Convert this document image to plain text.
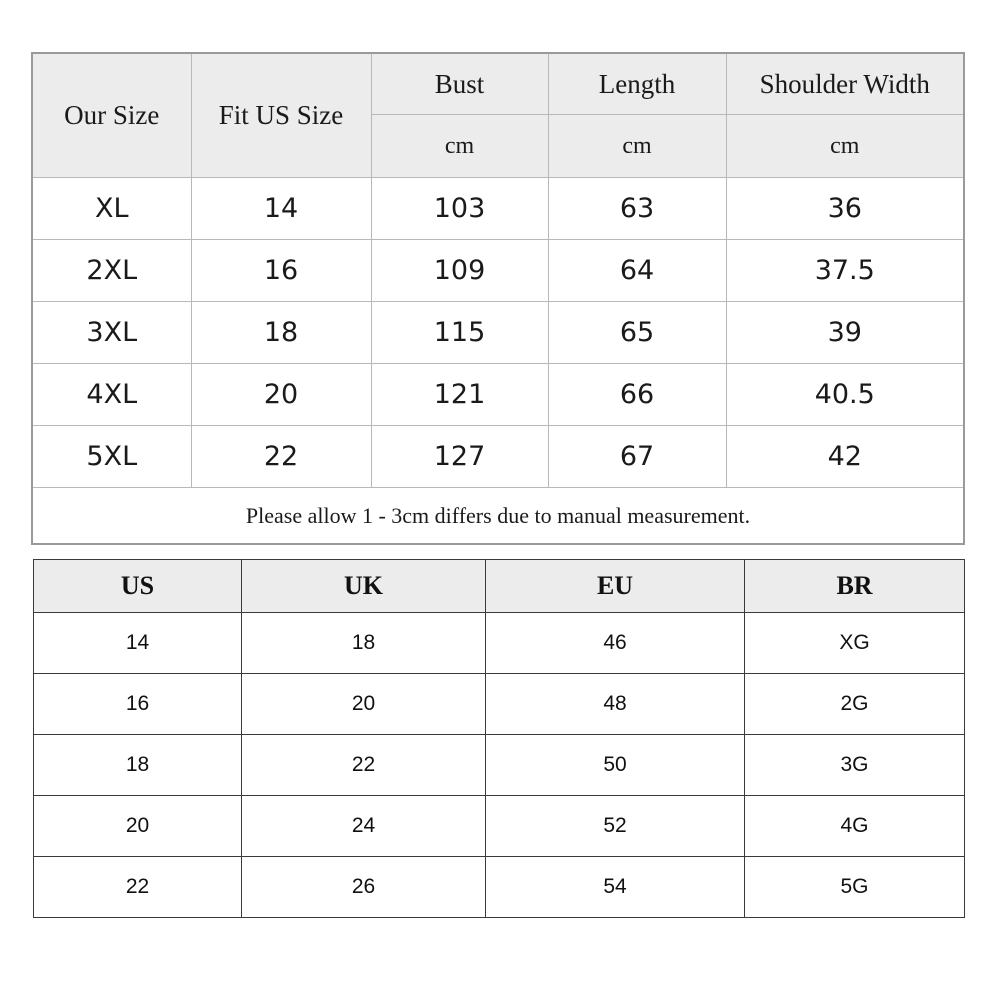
Our Size	Fit US Size	Bust	Length	Shoulder Width
		cm	cm	cm
XL	14	103	63	36
2XL	16	109	64	37.5
3XL	18	115	65	39
4XL	20	121	66	40.5
5XL	22	127	67	42
Please allow 1 - 3cm differs due to manual measurement.				
US	UK	EU	BR
14	18	46	XG
16	20	48	2G
18	22	50	3G
20	24	52	4G
22	26	54	5G
